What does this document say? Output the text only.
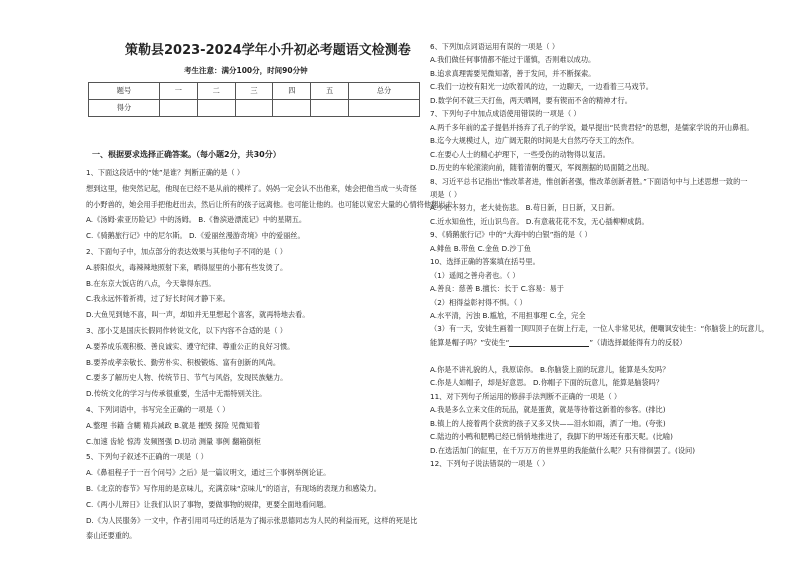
策勒县2023-2024学年小升初必考题语文检测卷
考生注意：满分100分，时间90分钟
题号	一	二	三	四	五	总分
得分						
一、根据要求选择正确答案。（每小题2分，共30分）
1、下面这段话中的“她”是谁？判断正确的是（ ）
想到这里，他突然记起，他现在已经不是从前的模样了。妈妈一定会认不出他来，她会把他当成一头奇怪
的小野兽的，她会用手把他赶出去，然后让所有的孩子远离他。也可能让他的。也可能以宽宏大量的心情将他翻出去！
A.《汤姆·索亚历险记》中的汤姆。 B.《鲁滨逊漂流记》中的星期五。
C.《骑鹅旅行记》中的尼尔斯。 D.《爱丽丝漫游奇境》中的爱丽丝。
2、下面句子中，加点部分的表达效果与其他句子不同的是（ ）
A.骄阳似火，毒辣辣地照射下来，晒得屋里的小都有些发烫了。
B.在东京大饭店的八点，今天靠得东西。
C.我永远怀着祈祷，过了好长时间才静下来。
D.大鱼见到她不喜，叫一声，却如并无里想起个喜客，就再特地去看。
3、邵小艾是国庆长假同作转说文化，以下内容不合适的是（ ）
A.要养成乐观积极、善良诚实、遵守纪律、尊重公正的良好习惯。
B.要养成孝亲敬长、勤劳朴实、积极锻炼、富有创新的风尚。
C.要多了解历史人物、传统节日、节气与风俗，发现民族魅力。
D.传统文化的学习与传承很重要，生活中无需特别关注。
4、下列词语中，书写完全正确的一项是（ ）
A.整理 书籍 含糊 精兵减政 B.就是 摧毁 探险 见微知着
C.加速 齿轮 惊涛 发频图强 D.切动 测量 事例 翻箱倒柜
5、下列句子叙述不正确的一项是（ ）
A.《鼻祖程子于一百个问号》之后》是一篇议明文，通过三个事例举例论证。
B.《北京的春节》写作用的是京味儿，充满京味“京味儿”的语言，有现场的表现力和感染力。
C.《两小儿辩日》让我们认识了事物，要做事物的规律，更要全面地看问题。
D.《为人民服务》一文中，作者引用司马迁的话是为了揭示张思德同志为人民的利益而死，这样的死是比
泰山还要重的。
6、下列加点词语运用有误的一项是（ ）
A.我们做任何事情都不能过于谨慎，否则难以成功。
B.追求真理需要见微知著，善于发问，并不断探索。
C.我们一边校有阳光一边吹着风的边，一边聊天，一边看着三马戏节。
D.数学何不就三天打鱼，两天晒网，要有锲而不舍的精神才行。
7、下列句子中加点成语使用错误的一项是（ ）
A.两千多年前的孟子提倡并扬弃了孔子的学说，最早提出“民贵君轻”的思想，是儒家学说的开山鼻祖。
B.迄今大规模过人，边广阔无限的时间是大自然巧夺天工的杰作。
C.在要心人士的精心护理下，一些受伤的动物得以复活。
D.历史的车轮滚滚向前，随着清朝的覆灭，军阀割据的局面随之出现。
8、习近平总书记指出“惟改革者进，惟创新者强，惟改革创新者胜。”下面语句中与上述思想一致的一
项是（ ）
A.少壮不努力，老大徒伤悲。 B.苟日新，日日新，又日新。
C.近水知鱼性，近山识鸟音。 D.有意栽花花不发，无心插柳柳成荫。
9、《骑鹅旅行记》中的“大海中的白银”指的是（ ）
A.鲱鱼 B.带鱼 C.金鱼 D.沙丁鱼
10、选择正确的答案填在括号里。
（1）遥闻之善舟者也。（ ）
A.善良：慈善 B.擅长：长于 C.容易：易于
（2）相得益彰衬得不惧。（ ）
A.水平清，污浊 B.尴尬，不用担事理 C.全，完全
（3）有一天，安徒生画着一顶四顶子在街上行走，一位人非常见状，便嘲讽安徒生：“你脑袋上的玩意儿，
能算是帽子吗？”安徒生“	”（请选择最能得有力的反驳）
A.你是不讲礼貌的人，我原谅你。 B.你脑袋上面的玩意儿，能算是头发吗？
C.你是人如帽子，却是好意思。 D.你帽子下面的玩意儿，能算是脑袋吗？
11、对下列句子所运用的修辞手法判断不正确的一项是（ ）
A.我是多么立来文佳的玩品，就是蛋黄，就是等待着这新着的参客。(排比)
B.镇上的人接着两个获赏的孩子又多又快——泪水如雨，洒了一地。(夸张)
C.陆边的小鸭和肥鸭已经已悄悄地推进了，我脚下的甲场还有那天呢。(比喻)
D.在选活加门的缸里，在千万万万的世界里的我能做什么呢？只有徘徊罢了。(设问)
12、下列句子说法错误的一项是（ ）
